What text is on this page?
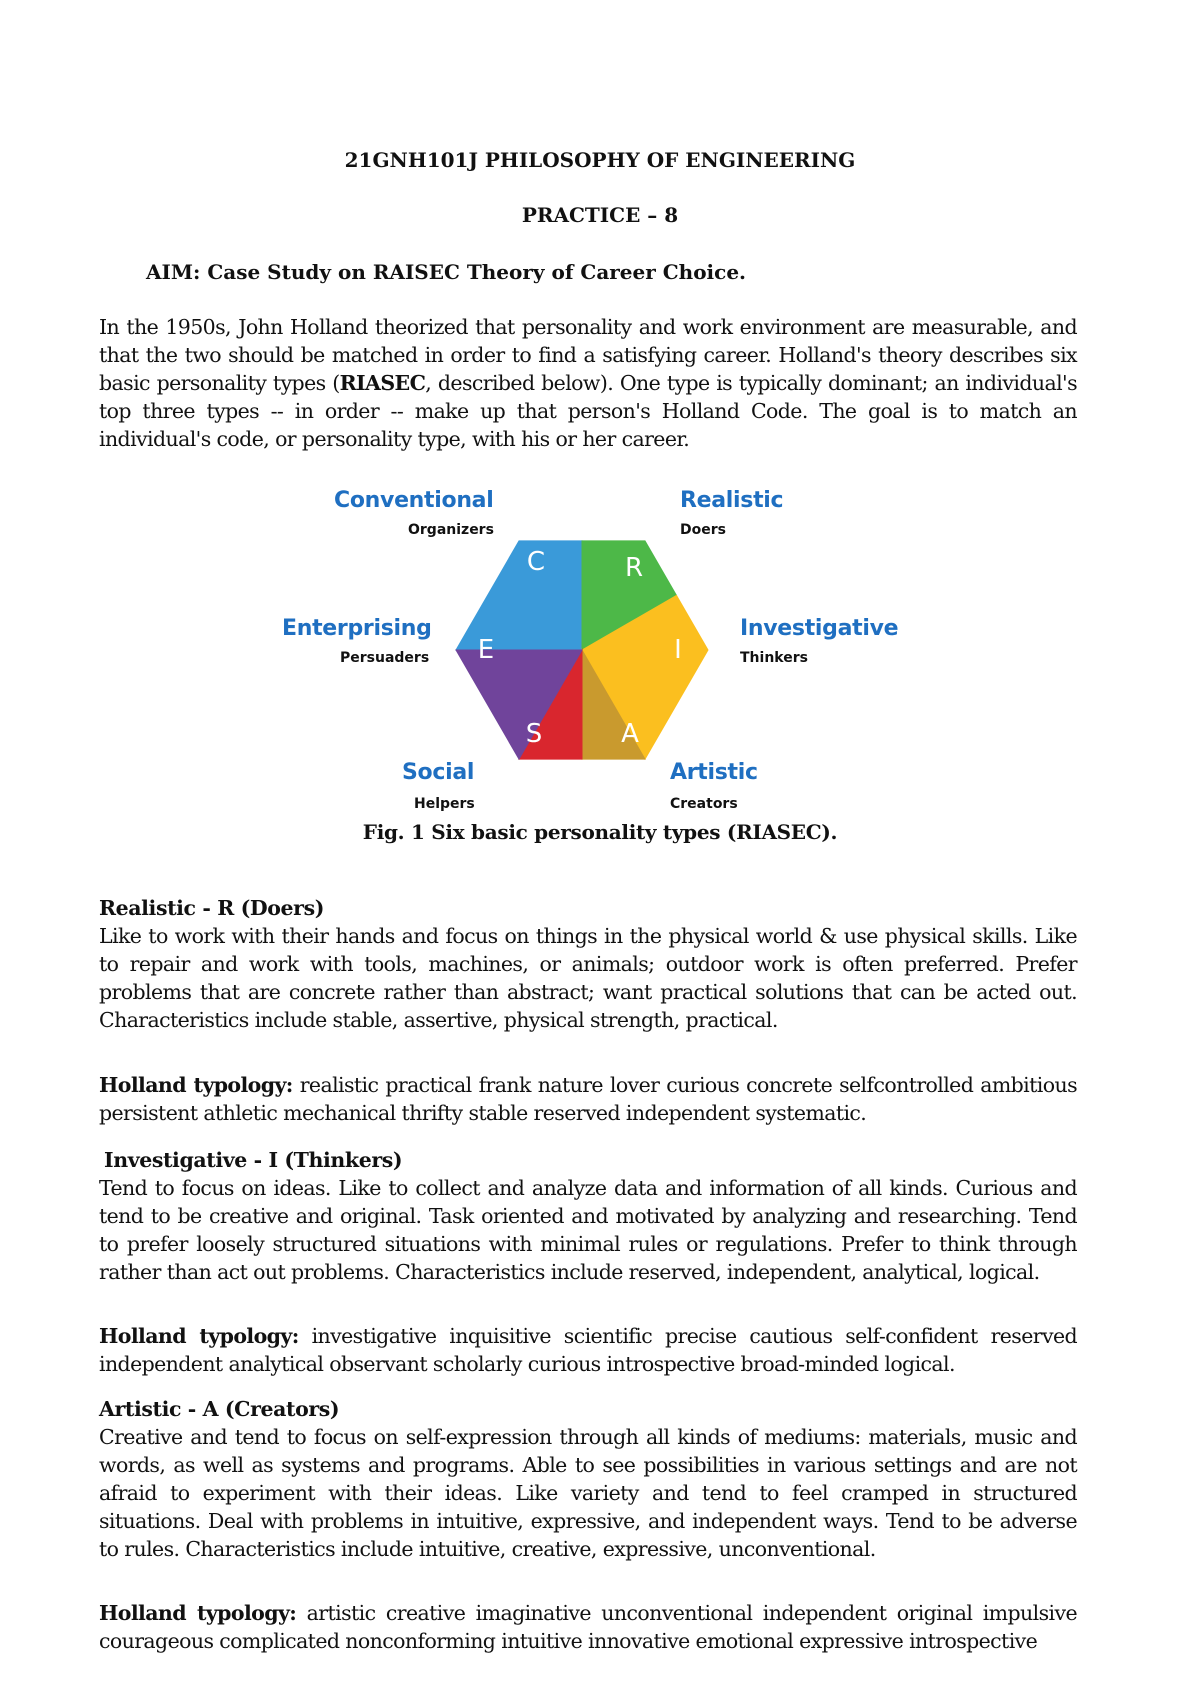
21GNH101J PHILOSOPHY OF ENGINEERING
PRACTICE – 8
AIM: Case Study on RAISEC Theory of Career Choice.
In the 1950s, John Holland theorized that personality and work environment are measurable, and that the two should be matched in order to find a satisfying career. Holland's theory describes six basic personality types (RIASEC, described below). One type is typically dominant; an individual's top three types -- in order -- make up that person's Holland Code. The goal is to match an individual's code, or personality type, with his or her career.
C	R
I
A
S
E
Conventional
Organizers
Realistic
Doers
Investigative
Thinkers
Artistic
Creators
Social
Helpers
Enterprising
Persuaders
Fig. 1 Six basic personality types (RIASEC).
Realistic - R (Doers)
Like to work with their hands and focus on things in the physical world & use physical skills. Like to repair and work with tools, machines, or animals; outdoor work is often preferred. Prefer problems that are concrete rather than abstract; want practical solutions that can be acted out. Characteristics include stable, assertive, physical strength, practical.
Holland typology: realistic practical frank nature lover curious concrete selfcontrolled ambitious persistent athletic mechanical thrifty stable reserved independent systematic.
Investigative - I (Thinkers)
Tend to focus on ideas. Like to collect and analyze data and information of all kinds. Curious and tend to be creative and original. Task oriented and motivated by analyzing and researching. Tend to prefer loosely structured situations with minimal rules or regulations. Prefer to think through rather than act out problems. Characteristics include reserved, independent, analytical, logical.
Holland typology: investigative inquisitive scientific precise cautious self-confident reserved independent analytical observant scholarly curious introspective broad-minded logical.
Artistic - A (Creators)
Creative and tend to focus on self-expression through all kinds of mediums: materials, music and words, as well as systems and programs. Able to see possibilities in various settings and are not afraid to experiment with their ideas. Like variety and tend to feel cramped in structured situations. Deal with problems in intuitive, expressive, and independent ways. Tend to be adverse to rules. Characteristics include intuitive, creative, expressive, unconventional.
Holland typology: artistic creative imaginative unconventional independent original impulsive courageous complicated nonconforming intuitive innovative emotional expressive introspective
